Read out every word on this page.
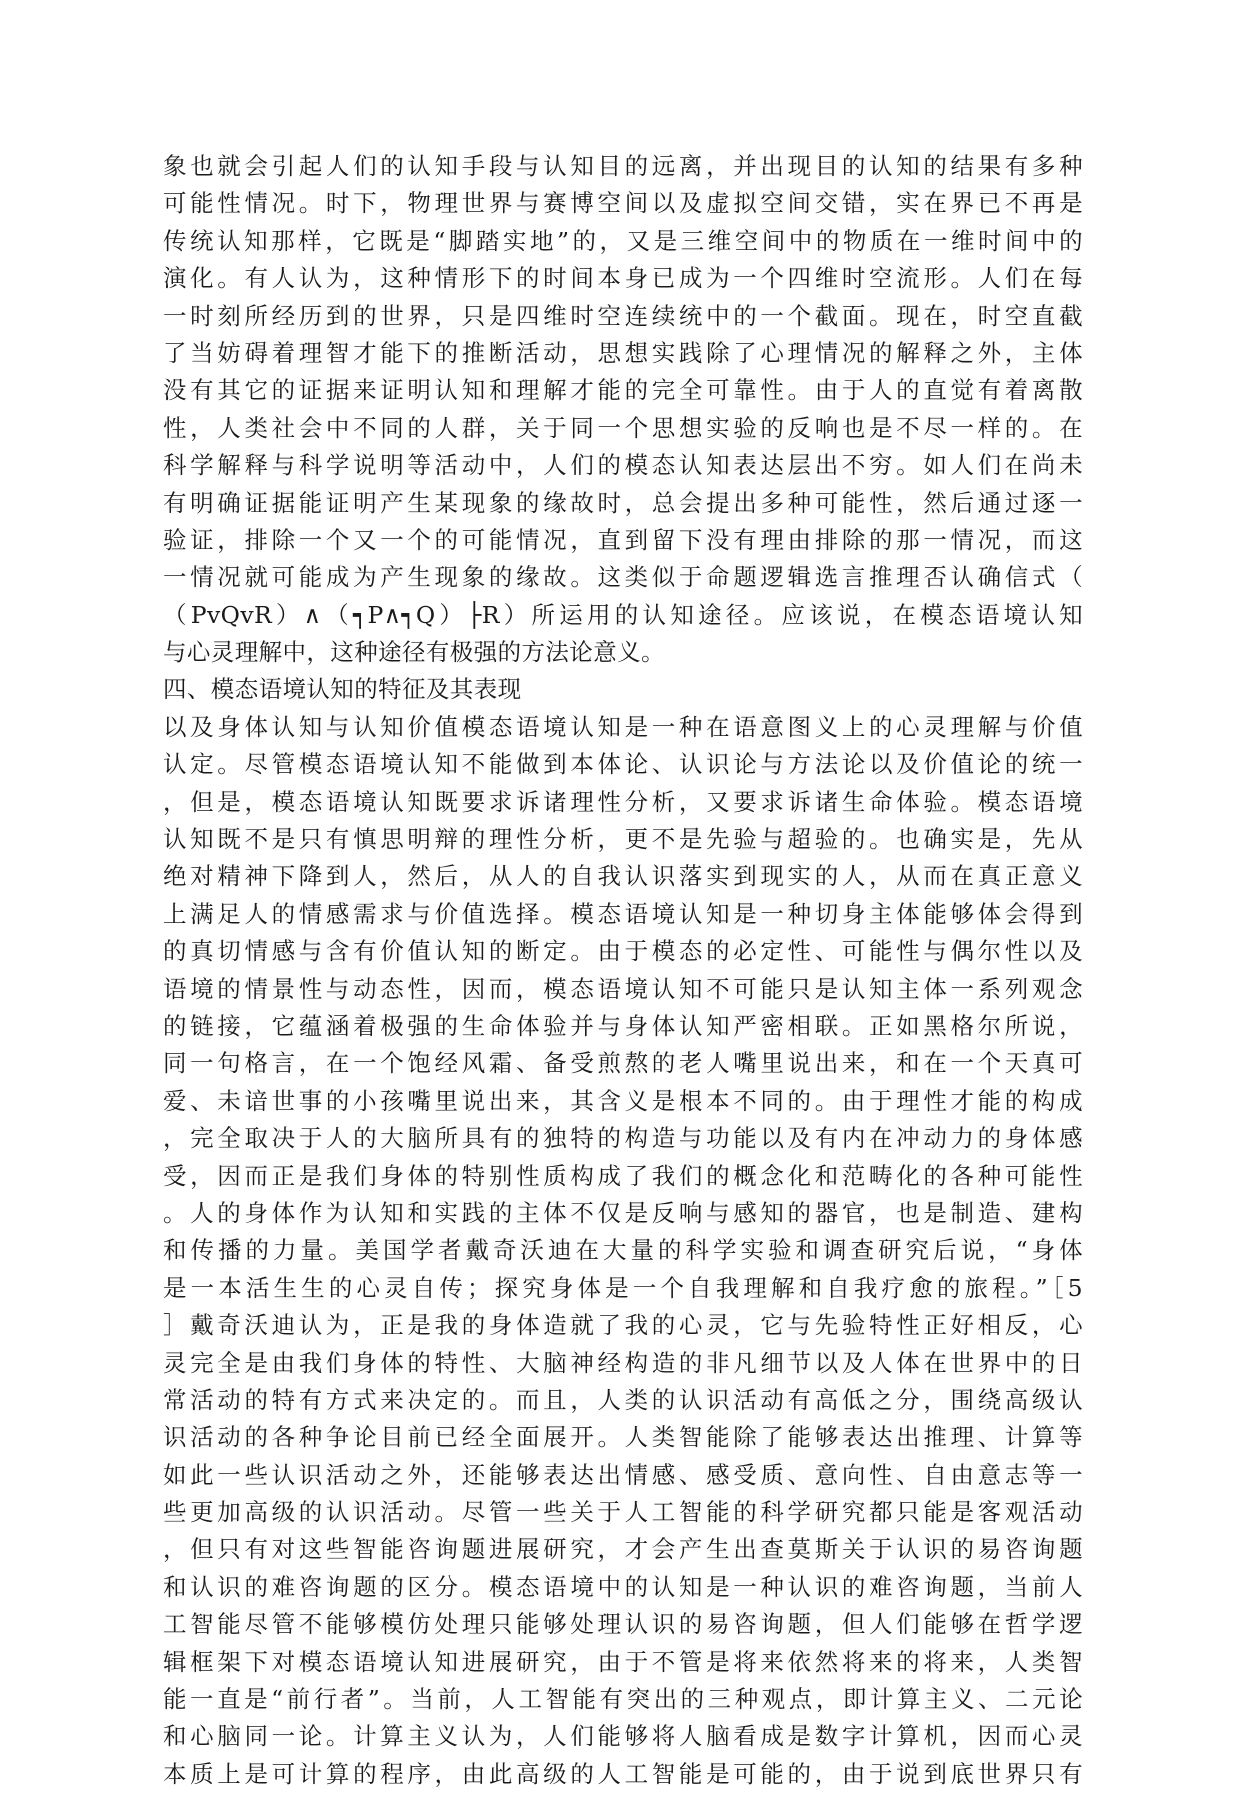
象也就会引起人们的认知手段与认知目的远离，并出现目的认知的结果有多种
可能性情况。时下，物理世界与赛博空间以及虚拟空间交错，实在界已不再是
传统认知那样，它既是“脚踏实地”的，又是三维空间中的物质在一维时间中的
演化。有人认为，这种情形下的时间本身已成为一个四维时空流形。人们在每
一时刻所经历到的世界，只是四维时空连续统中的一个截面。现在，时空直截
了当妨碍着理智才能下的推断活动，思想实践除了心理情况的解释之外，主体
没有其它的证据来证明认知和理解才能的完全可靠性。由于人的直觉有着离散
性，人类社会中不同的人群，关于同一个思想实验的反响也是不尽一样的。在
科学解释与科学说明等活动中，人们的模态认知表达层出不穷。如人们在尚未
有明确证据能证明产生某现象的缘故时，总会提出多种可能性，然后通过逐一
验证，排除一个又一个的可能情况，直到留下没有理由排除的那一情况，而这
一情况就可能成为产生现象的缘故。这类似于命题逻辑选言推理否认确信式（
（PvQvR）∧（┑P∧┑Q）├R）所运用的认知途径。应该说，在模态语境认知
与心灵理解中，这种途径有极强的方法论意义。
四、模态语境认知的特征及其表现
以及身体认知与认知价值模态语境认知是一种在语意图义上的心灵理解与价值
认定。尽管模态语境认知不能做到本体论、认识论与方法论以及价值论的统一
，但是，模态语境认知既要求诉诸理性分析，又要求诉诸生命体验。模态语境
认知既不是只有慎思明辩的理性分析，更不是先验与超验的。也确实是，先从
绝对精神下降到人，然后，从人的自我认识落实到现实的人，从而在真正意义
上满足人的情感需求与价值选择。模态语境认知是一种切身主体能够体会得到
的真切情感与含有价值认知的断定。由于模态的必定性、可能性与偶尔性以及
语境的情景性与动态性，因而，模态语境认知不可能只是认知主体一系列观念
的链接，它蕴涵着极强的生命体验并与身体认知严密相联。正如黑格尔所说，
同一句格言，在一个饱经风霜、备受煎熬的老人嘴里说出来，和在一个天真可
爱、未谙世事的小孩嘴里说出来，其含义是根本不同的。由于理性才能的构成
，完全取决于人的大脑所具有的独特的构造与功能以及有内在冲动力的身体感
受，因而正是我们身体的特别性质构成了我们的概念化和范畴化的各种可能性
。人的身体作为认知和实践的主体不仅是反响与感知的器官，也是制造、建构
和传播的力量。美国学者戴奇沃迪在大量的科学实验和调查研究后说，“身体
是一本活生生的心灵自传；探究身体是一个自我理解和自我疗愈的旅程。”［5
］戴奇沃迪认为，正是我的身体造就了我的心灵，它与先验特性正好相反，心
灵完全是由我们身体的特性、大脑神经构造的非凡细节以及人体在世界中的日
常活动的特有方式来决定的。而且，人类的认识活动有高低之分，围绕高级认
识活动的各种争论目前已经全面展开。人类智能除了能够表达出推理、计算等
如此一些认识活动之外，还能够表达出情感、感受质、意向性、自由意志等一
些更加高级的认识活动。尽管一些关于人工智能的科学研究都只能是客观活动
，但只有对这些智能咨询题进展研究，才会产生出查莫斯关于认识的易咨询题
和认识的难咨询题的区分。模态语境中的认知是一种认识的难咨询题，当前人
工智能尽管不能够模仿处理只能够处理认识的易咨询题，但人们能够在哲学逻
辑框架下对模态语境认知进展研究，由于不管是将来依然将来的将来，人类智
能一直是“前行者”。当前，人工智能有突出的三种观点，即计算主义、二元论
和心脑同一论。计算主义认为，人们能够将人脑看成是数字计算机，因而心灵
本质上是可计算的程序，由此高级的人工智能是可能的，由于说到底世界只有
